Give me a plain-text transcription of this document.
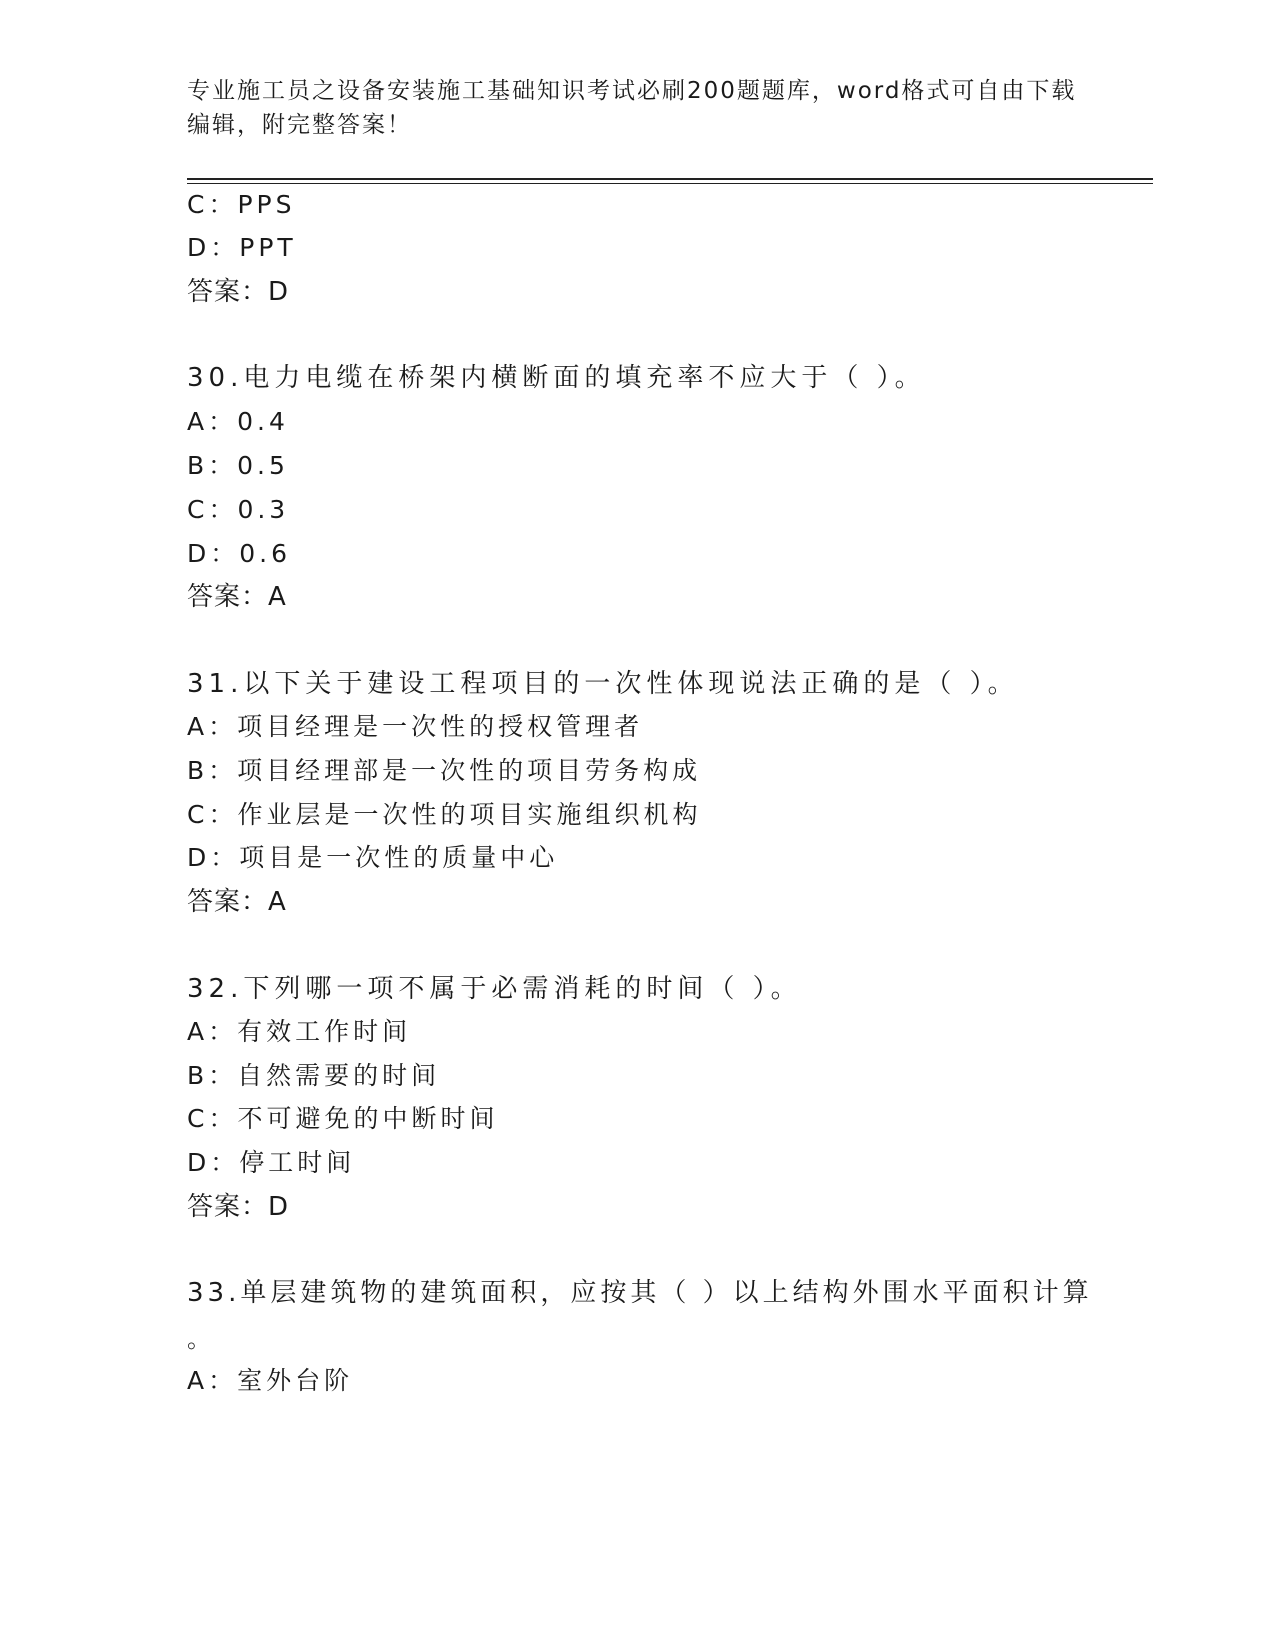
专业施工员之设备安装施工基础知识考试必刷200题题库，word格式可自由下载编辑，附完整答案！
C：PPS
D：PPT
答案：D
30.电力电缆在桥架内横断面的填充率不应大于（ ）。
A：0.4
B：0.5
C：0.3
D：0.6
答案：A
31.以下关于建设工程项目的一次性体现说法正确的是（ ）。
A：项目经理是一次性的授权管理者
B：项目经理部是一次性的项目劳务构成
C：作业层是一次性的项目实施组织机构
D：项目是一次性的质量中心
答案：A
32.下列哪一项不属于必需消耗的时间（ ）。
A：有效工作时间
B：自然需要的时间
C：不可避免的中断时间
D：停工时间
答案：D
33.单层建筑物的建筑面积，应按其（ ）以上结构外围水平面积计算
。
A：室外台阶
